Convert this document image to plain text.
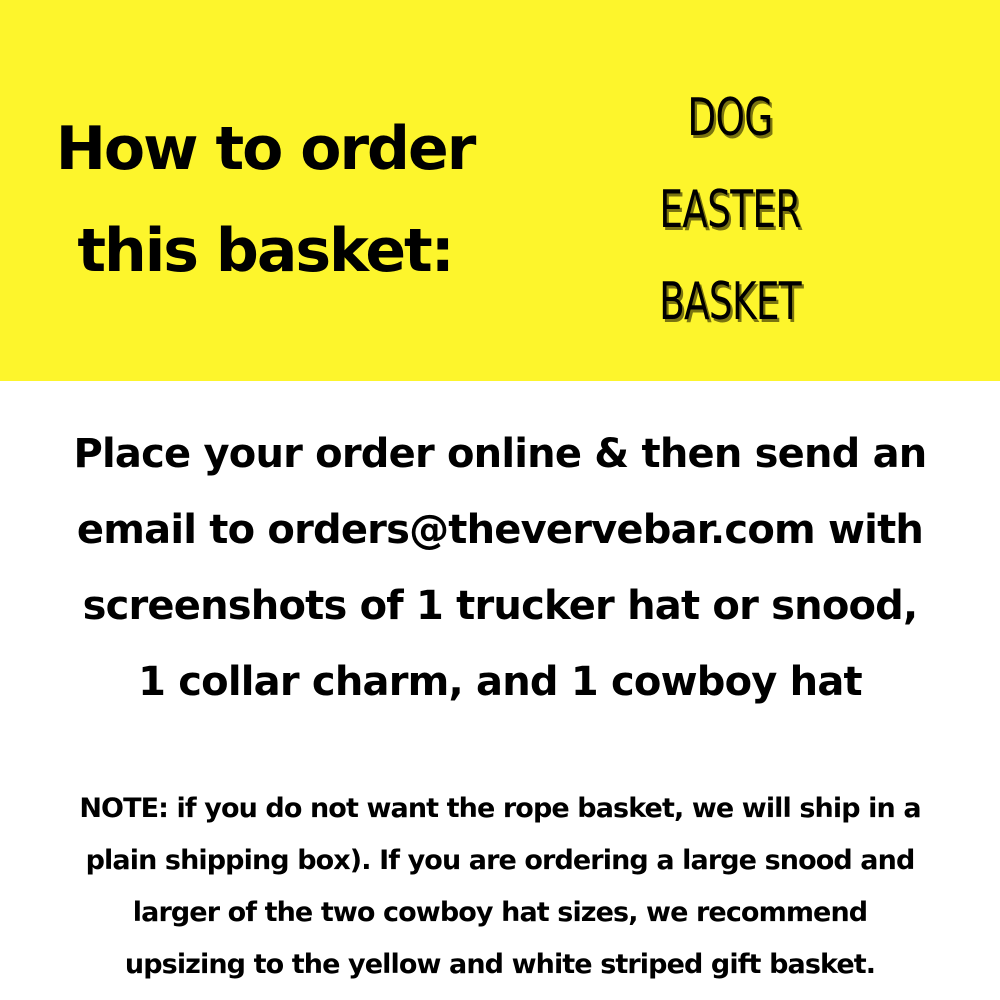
How to order
this basket:
DOG
EASTER
BASKET

Place your order online & then send an
email to orders@thevervebar.com with
screenshots of 1 trucker hat or snood,
1 collar charm, and 1 cowboy hat

NOTE: if you do not want the rope basket, we will ship in a
plain shipping box). If you are ordering a large snood and
larger of the two cowboy hat sizes, we recommend
upsizing to the yellow and white striped gift basket.
